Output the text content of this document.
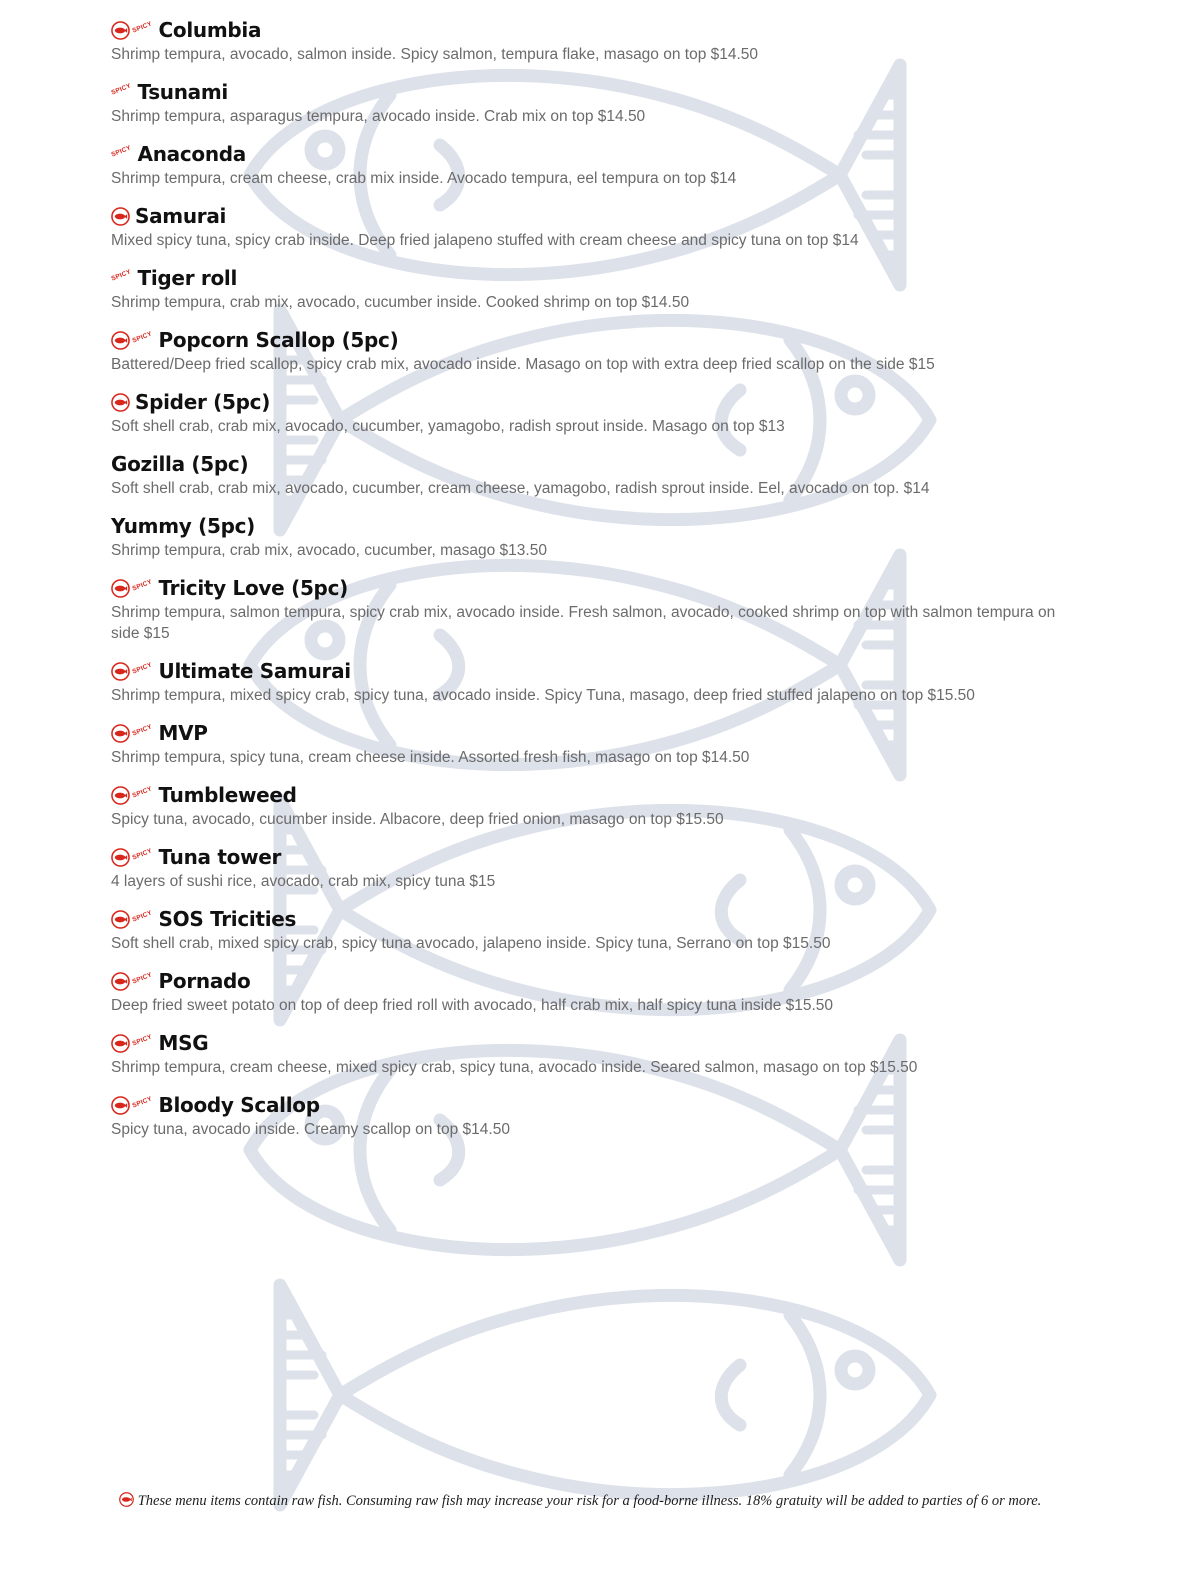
SPICY Columbia
Shrimp tempura, avocado, salmon inside. Spicy salmon, tempura flake, masago on top $14.50
SPICY Tsunami
Shrimp tempura, asparagus tempura, avocado inside. Crab mix on top $14.50
SPICY Anaconda
Shrimp tempura, cream cheese, crab mix inside. Avocado tempura, eel tempura on top $14
Samurai
Mixed spicy tuna, spicy crab inside. Deep fried jalapeno stuffed with cream cheese and spicy tuna on top $14
SPICY Tiger roll
Shrimp tempura, crab mix, avocado, cucumber inside. Cooked shrimp on top $14.50
SPICY Popcorn Scallop (5pc)
Battered/Deep fried scallop, spicy crab mix, avocado inside. Masago on top with extra deep fried scallop on the side $15
Spider (5pc)
Soft shell crab, crab mix, avocado, cucumber, yamagobo, radish sprout inside. Masago on top $13
Gozilla (5pc)
Soft shell crab, crab mix, avocado, cucumber, cream cheese, yamagobo, radish sprout inside. Eel, avocado on top. $14
Yummy (5pc)
Shrimp tempura, crab mix, avocado, cucumber, masago $13.50
SPICY Tricity Love (5pc)
Shrimp tempura, salmon tempura, spicy crab mix, avocado inside. Fresh salmon, avocado, cooked shrimp on top with salmon tempura on side $15
SPICY Ultimate Samurai
Shrimp tempura, mixed spicy crab, spicy tuna, avocado inside. Spicy Tuna, masago, deep fried stuffed jalapeno on top $15.50
SPICY MVP
Shrimp tempura, spicy tuna, cream cheese inside. Assorted fresh fish, masago on top $14.50
SPICY Tumbleweed
Spicy tuna, avocado, cucumber inside. Albacore, deep fried onion, masago on top $15.50
SPICY Tuna tower
4 layers of sushi rice, avocado, crab mix, spicy tuna $15
SPICY SOS Tricities
Soft shell crab, mixed spicy crab, spicy tuna avocado, jalapeno inside. Spicy tuna, Serrano on top $15.50
SPICY Pornado
Deep fried sweet potato on top of deep fried roll with avocado, half crab mix, half spicy tuna inside $15.50
SPICY MSG
Shrimp tempura, cream cheese, mixed spicy crab, spicy tuna, avocado inside. Seared salmon, masago on top $15.50
SPICY Bloody Scallop
Spicy tuna, avocado inside. Creamy scallop on top $14.50
These menu items contain raw fish. Consuming raw fish may increase your risk for a food-borne illness. 18% gratuity will be added to parties of 6 or more.
